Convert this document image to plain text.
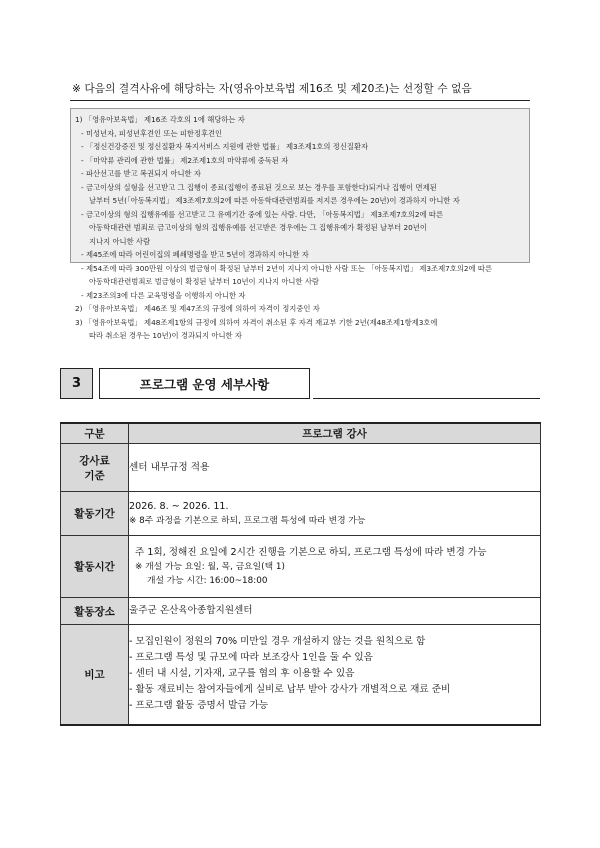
※ 다음의 결격사유에 해당하는 자(영유아보육법 제16조 및 제20조)는 선정할 수 없음
1) 「영유아보육법」 제16조 각호의 1에 해당하는 자
- 미성년자, 피성년후견인 또는 피한정후견인
- 「정신건강증진 및 정신질환자 복지서비스 지원에 관한 법률」 제3조제1호의 정신질환자
- 「마약류 관리에 관한 법률」 제2조제1호의 마약류에 중독된 자
- 파산선고를 받고 복권되지 아니한 자
- 금고이상의 실형을 선고받고 그 집행이 종료(집행이 종료된 것으로 보는 경우를 포함한다)되거나 집행이 면제된
날부터 5년(「아동복지법」 제3조제7호의2에 따른 아동학대관련범죄를 저지른 경우에는 20년)이 경과하지 아니한 자
- 금고이상의 형의 집행유예를 선고받고 그 유예기간 중에 있는 사람. 다만, 「아동복지법」 제3조제7호의2에 따른
아동학대관련 범죄로 금고이상의 형의 집행유예를 선고받은 경우에는 그 집행유예가 확정된 날부터 20년이
지나지 아니한 사람
- 제45조에 따라 어린이집의 폐쇄명령을 받고 5년이 경과하지 아니한 자
- 제54조에 따라 300만원 이상의 벌금형이 확정된 날부터 2년이 지나지 아니한 사람 또는 「아동복지법」 제3조제7호의2에 따른
아동학대관련범죄로 벌금형이 확정된 날부터 10년이 지나지 아니한 사람
- 제23조의3에 다른 교육명령을 이행하지 아니한 자
2) 「영유아보육법」 제46조 및 제47조의 규정에 의하여 자격이 정지중인 자
3) 「영유아보육법」 제48조제1항의 규정에 의하여 자격이 취소된 후 자격 재교부 기한 2년(제48조제1항제3호에
따라 취소된 경우는 10년)이 경과되지 아니한 자
3	프로그램 운영 세부사항
구분	프로그램 강사

강사료
기준	센터 내부규정 적용
활동기간	2026. 8. ~ 2026. 11.
※ 8주 과정을 기본으로 하되, 프로그램 특성에 따라 변경 가능

활동시간	주 1회, 정해진 요일에 2시간 진행을 기본으로 하되, 프로그램 특성에 따라 변경 가능
※ 개설 가능 요일: 월, 목, 금요일(택 1)
개설 가능 시간: 16:00~18:00

활동장소	울주군 온산육아종합지원센터
비고	- 모집인원이 정원의 70% 미만일 경우 개설하지 않는 것을 원칙으로 함
- 프로그램 특성 및 규모에 따라 보조강사 1인을 둘 수 있음
- 센터 내 시설, 기자재, 교구를 협의 후 이용할 수 있음
- 활동 재료비는 참여자들에게 실비로 납부 받아 강사가 개별적으로 재료 준비
- 프로그램 활동 증명서 발급 가능
